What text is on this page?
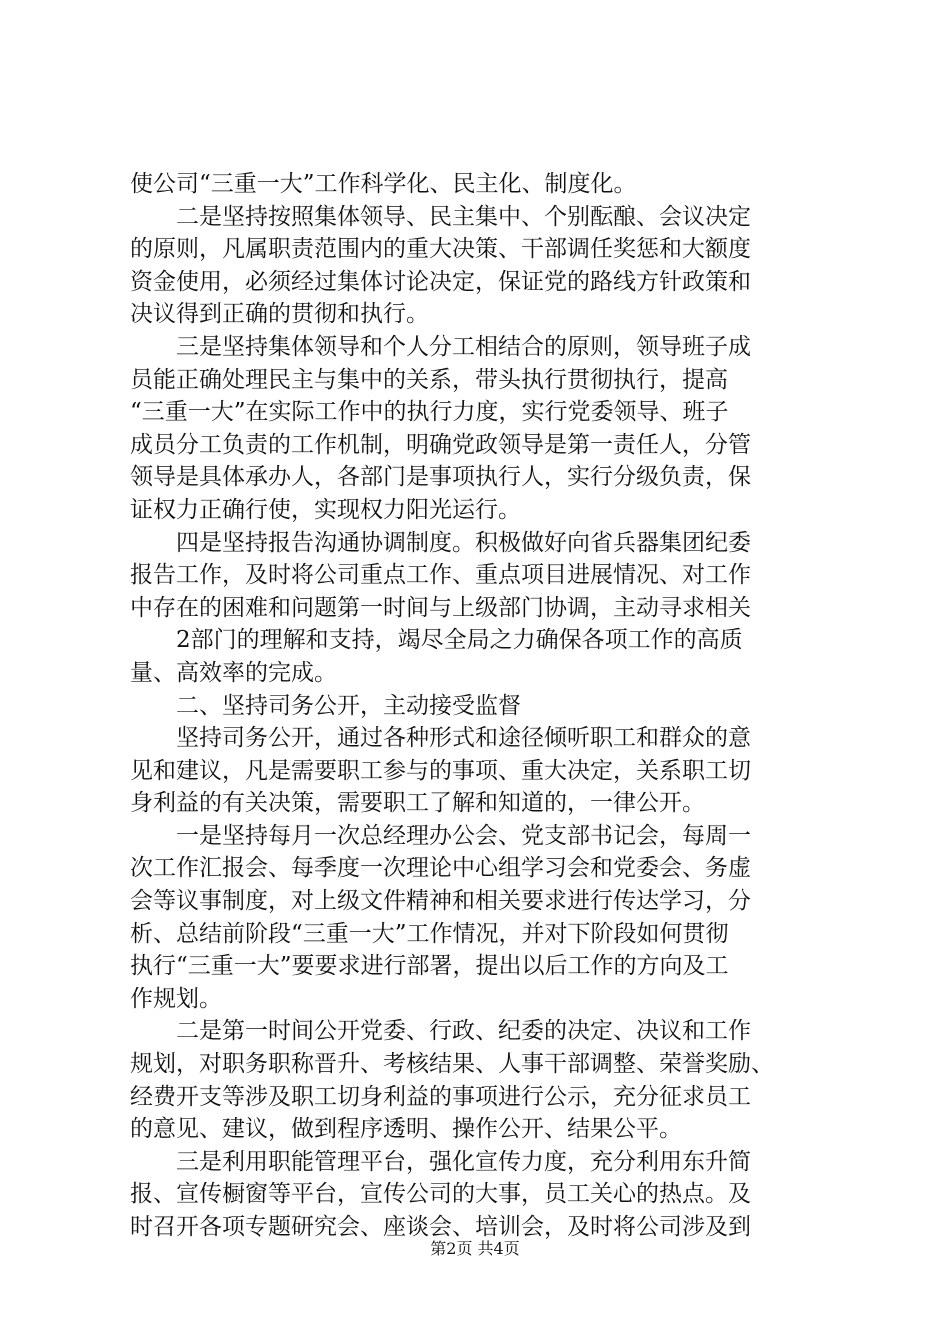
使公司“三重一大”工作科学化、民主化、制度化。
二是坚持按照集体领导、民主集中、个别酝酿、会议决定
的原则，凡属职责范围内的重大决策、干部调任奖惩和大额度
资金使用，必须经过集体讨论决定，保证党的路线方针政策和
决议得到正确的贯彻和执行。
三是坚持集体领导和个人分工相结合的原则，领导班子成
员能正确处理民主与集中的关系，带头执行贯彻执行，提高
“三重一大”在实际工作中的执行力度，实行党委领导、班子
成员分工负责的工作机制，明确党政领导是第一责任人，分管
领导是具体承办人，各部门是事项执行人，实行分级负责，保
证权力正确行使，实现权力阳光运行。
四是坚持报告沟通协调制度。积极做好向省兵器集团纪委
报告工作，及时将公司重点工作、重点项目进展情况、对工作
中存在的困难和问题第一时间与上级部门协调，主动寻求相关
2部门的理解和支持，竭尽全局之力确保各项工作的高质
量、高效率的完成。
二、坚持司务公开，主动接受监督
坚持司务公开，通过各种形式和途径倾听职工和群众的意
见和建议，凡是需要职工参与的事项、重大决定，关系职工切
身利益的有关决策，需要职工了解和知道的，一律公开。
一是坚持每月一次总经理办公会、党支部书记会，每周一
次工作汇报会、每季度一次理论中心组学习会和党委会、务虚
会等议事制度，对上级文件精神和相关要求进行传达学习，分
析、总结前阶段“三重一大”工作情况，并对下阶段如何贯彻
执行“三重一大”要要求进行部署，提出以后工作的方向及工
作规划。
二是第一时间公开党委、行政、纪委的决定、决议和工作
规划，对职务职称晋升、考核结果、人事干部调整、荣誉奖励、
经费开支等涉及职工切身利益的事项进行公示，充分征求员工
的意见、建议，做到程序透明、操作公开、结果公平。
三是利用职能管理平台，强化宣传力度，充分利用东升简
报、宣传橱窗等平台，宣传公司的大事，员工关心的热点。及
时召开各项专题研究会、座谈会、培训会，及时将公司涉及到
第2页 共4页
